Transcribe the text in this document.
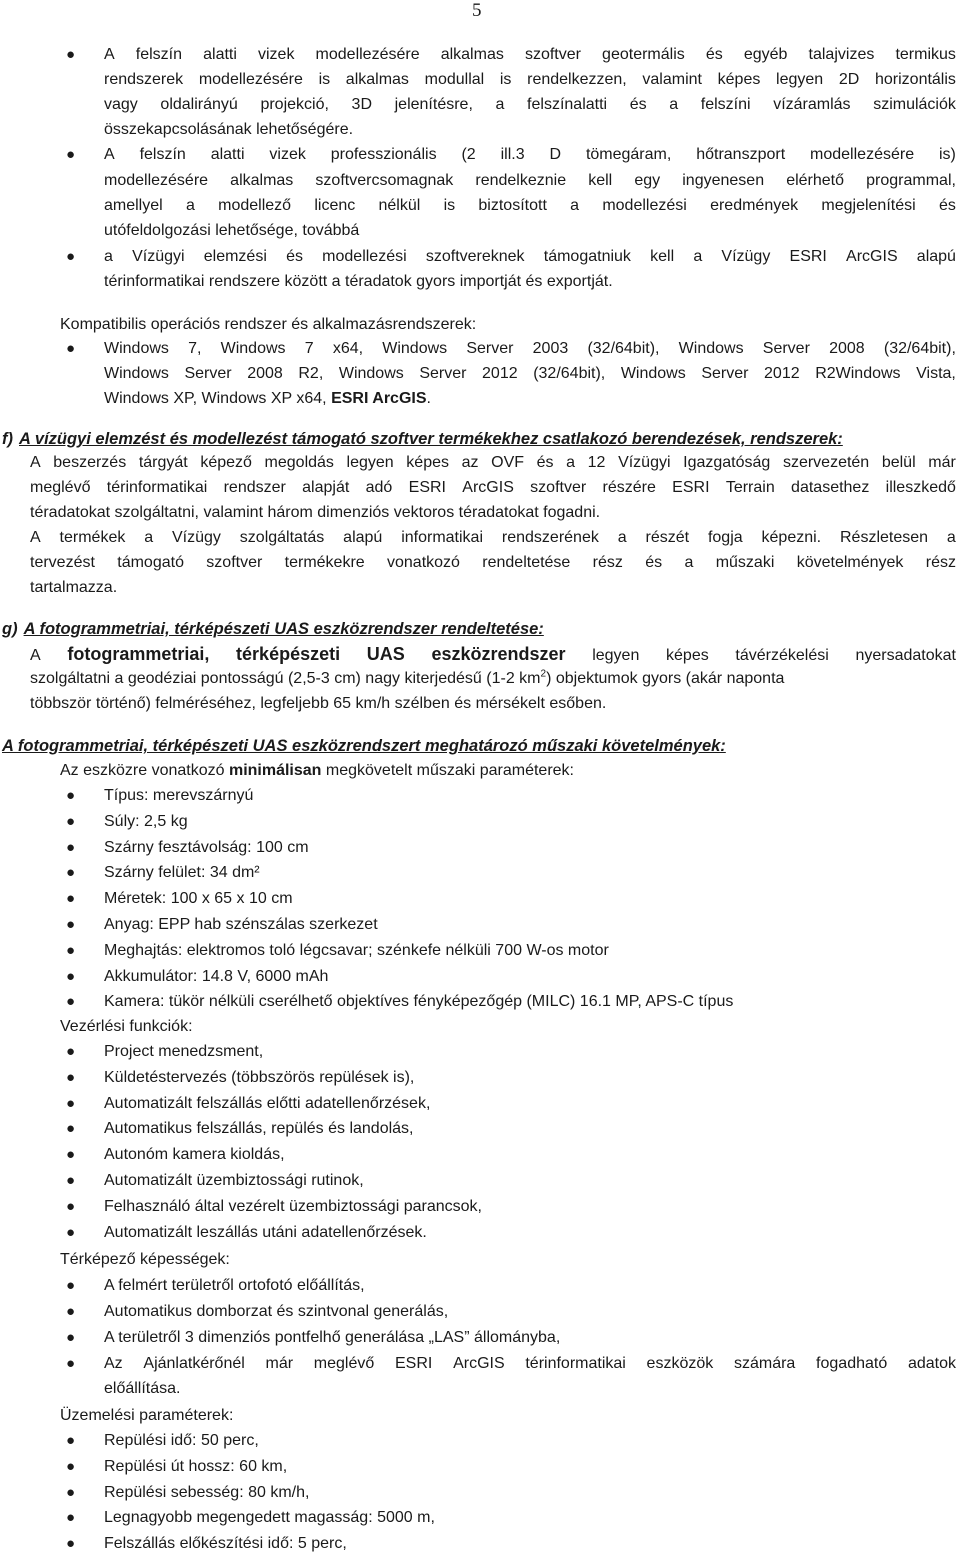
5
● A felszín alatti vizek modellezésére alkalmas szoftver geotermális és egyéb talajvizes termikus
rendszerek modellezésére is alkalmas modullal is rendelkezzen, valamint képes legyen 2D horizontális
vagy oldalirányú projekció, 3D jelenítésre, a felszínalatti és a felszíni vízáramlás szimulációk
összekapcsolásának lehetőségére.
● A felszín alatti vizek professzionális (2 ill.3 D tömegáram, hőtranszport modellezésére is)
modellezésére alkalmas szoftvercsomagnak rendelkeznie kell egy ingyenesen elérhető programmal,
amellyel a modellező licenc nélkül is biztosított a modellezési eredmények megjelenítési és
utófeldolgozási lehetősége, továbbá
● a Vízügyi elemzési és modellezési szoftvereknek támogatniuk kell a Vízügy ESRI ArcGIS alapú
térinformatikai rendszere között a téradatok gyors importját és exportját.
Kompatibilis operációs rendszer és alkalmazásrendszerek:
● Windows 7, Windows 7 x64, Windows Server 2003 (32/64bit), Windows Server 2008 (32/64bit),
Windows Server 2008 R2, Windows Server 2012 (32/64bit), Windows Server 2012 R2Windows Vista,
Windows XP, Windows XP x64, ESRI ArcGIS.
f) A vízügyi elemzést és modellezést támogató szoftver termékekhez csatlakozó berendezések, rendszerek:
A beszerzés tárgyát képező megoldás legyen képes az OVF és a 12 Vízügyi Igazgatóság szervezetén belül már
meglévő térinformatikai rendszer alapját adó ESRI ArcGIS szoftver részére ESRI Terrain datasethez illeszkedő
téradatokat szolgáltatni, valamint három dimenziós vektoros téradatokat fogadni.
A termékek a Vízügy szolgáltatás alapú informatikai rendszerének a részét fogja képezni. Részletesen a
tervezést támogató szoftver termékekre vonatkozó rendeltetése rész és a műszaki követelmények rész
tartalmazza.
g) A fotogrammetriai, térképészeti UAS eszközrendszer rendeltetése:
A fotogrammetriai, térképészeti UAS eszközrendszer legyen képes távérzékelési nyersadatokat
szolgáltatni a geodéziai pontosságú (2,5-3 cm) nagy kiterjedésű (1-2 $km^2$) objektumok gyors (akár naponta
többször történő) felméréséhez, legfeljebb 65 km/h szélben és mérsékelt esőben.
A fotogrammetriai, térképészeti UAS eszközrendszert meghatározó műszaki követelmények:
Az eszközre vonatkozó minimálisan megkövetelt műszaki paraméterek:
● Típus: merevszárnyú
● Súly: 2,5 kg
● Szárny fesztávolság: 100 cm
● Szárny felület: 34 dm²
● Méretek: 100 x 65 x 10 cm
● Anyag: EPP hab szénszálas szerkezet
● Meghajtás: elektromos toló légcsavar; szénkefe nélküli 700 W-os motor
● Akkumulátor: 14.8 V, 6000 mAh
● Kamera: tükör nélküli cserélhető objektíves fényképezőgép (MILC) 16.1 MP, APS-C típus
Vezérlési funkciók:
● Project menedzsment,
● Küldetéstervezés (többszörös repülések is),
● Automatizált felszállás előtti adatellenőrzések,
● Automatikus felszállás, repülés és landolás,
● Autonóm kamera kioldás,
● Automatizált üzembiztossági rutinok,
● Felhasználó által vezérelt üzembiztossági parancsok,
● Automatizált leszállás utáni adatellenőrzések.
Térképező képességek:
● A felmért területről ortofotó előállítás,
● Automatikus domborzat és szintvonal generálás,
● A területről 3 dimenziós pontfelhő generálása „LAS” állományba,
● Az Ajánlatkérőnél már meglévő ESRI ArcGIS térinformatikai eszközök számára fogadható adatok
előállítása.
Üzemelési paraméterek:
● Repülési idő: 50 perc,
● Repülési út hossz: 60 km,
● Repülési sebesség: 80 km/h,
● Legnagyobb megengedett magasság: 5000 m,
● Felszállás előkészítési idő: 5 perc,
